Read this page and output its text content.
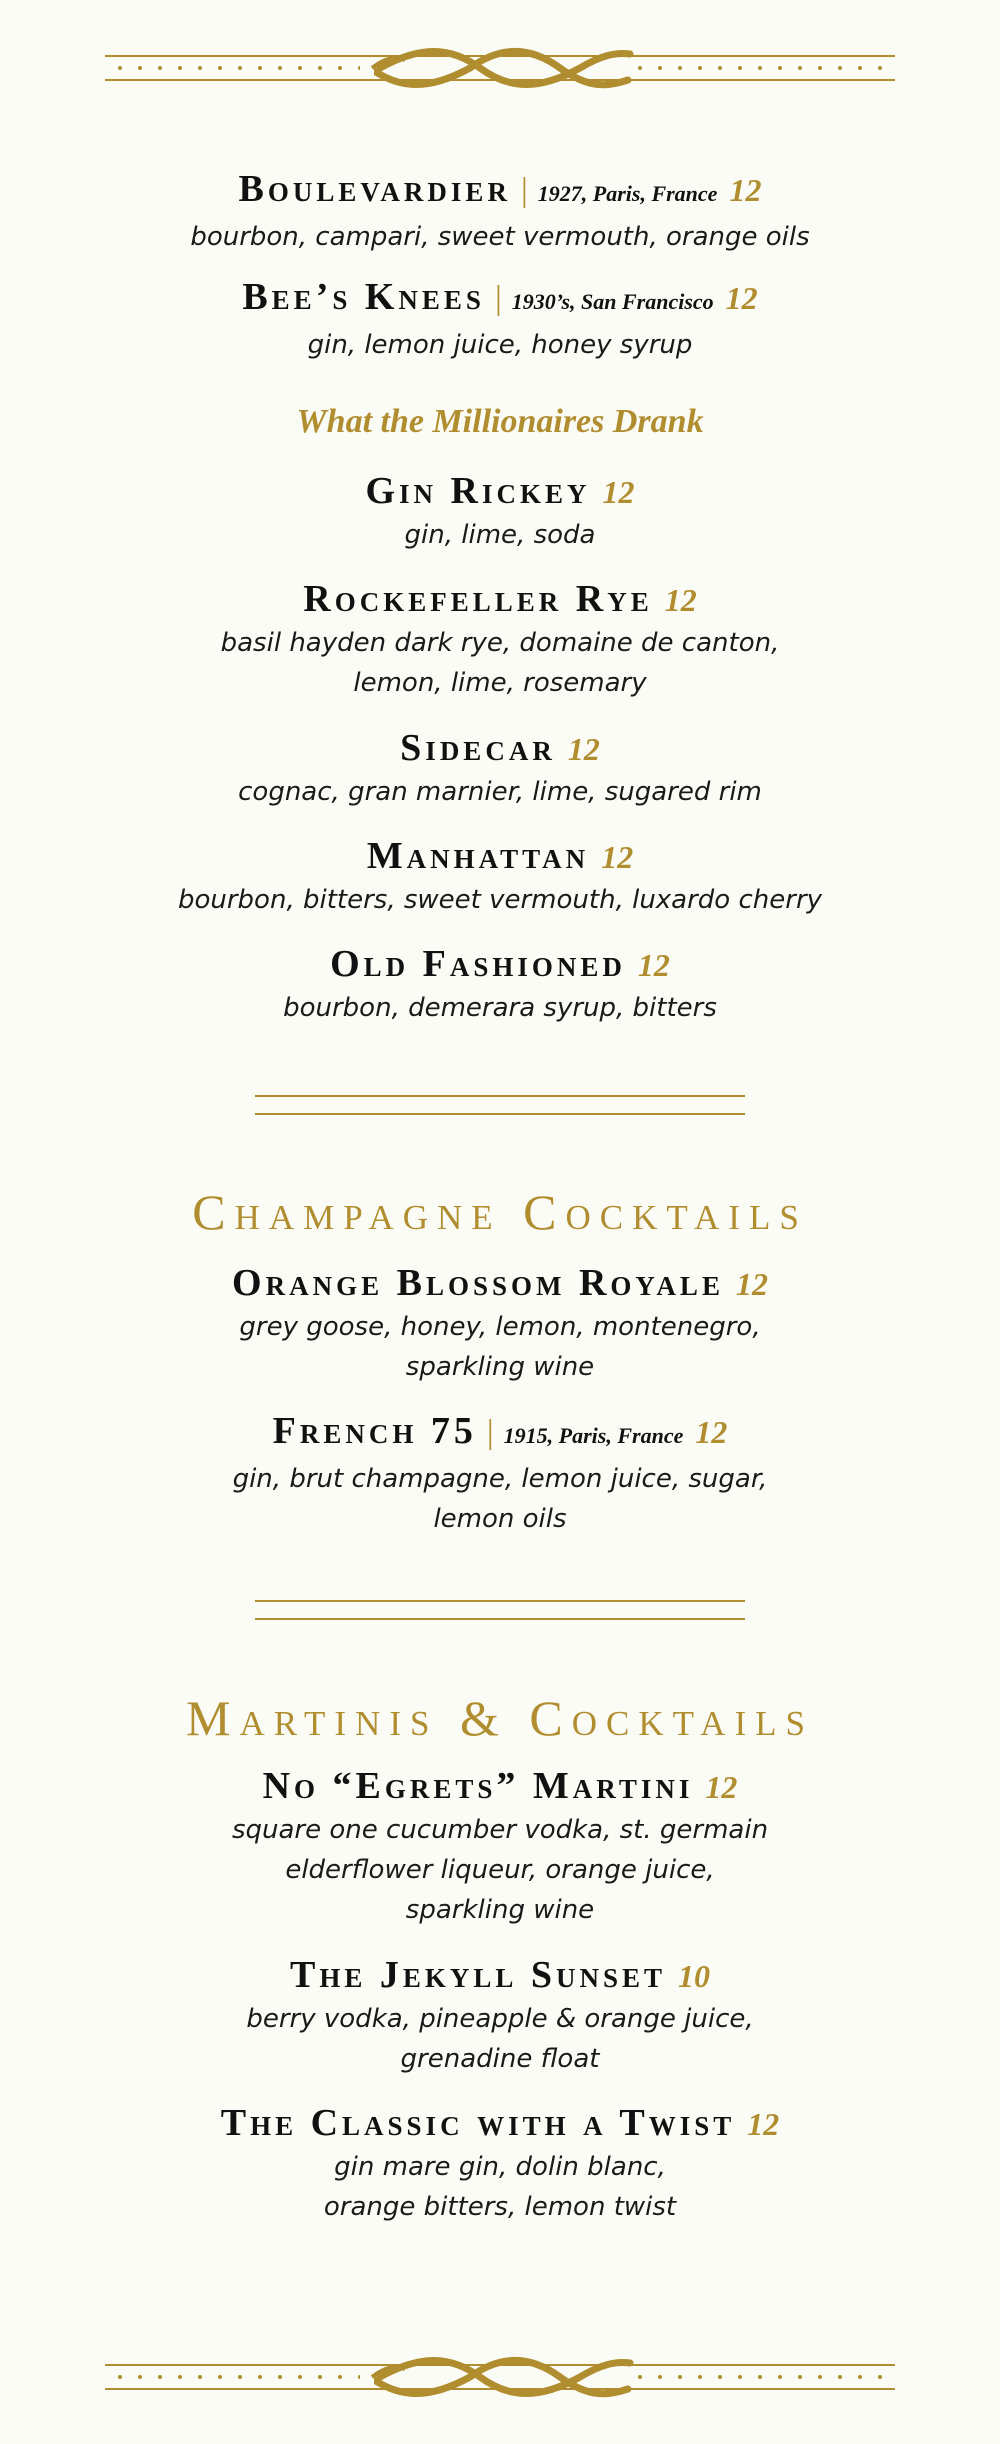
Boulevardier | 1927, Paris, France 12
bourbon, campari, sweet vermouth, orange oils
Bee’s Knees | 1930’s, San Francisco 12
gin, lemon juice, honey syrup
What the Millionaires Drank
Gin Rickey 12
gin, lime, soda
Rockefeller Rye 12
basil hayden dark rye, domaine de canton,
lemon, lime, rosemary
Sidecar 12
cognac, gran marnier, lime, sugared rim
Manhattan 12
bourbon, bitters, sweet vermouth, luxardo cherry
Old Fashioned 12
bourbon, demerara syrup, bitters
Champagne Cocktails
Orange Blossom Royale 12
grey goose, honey, lemon, montenegro,
sparkling wine
French 75 | 1915, Paris, France 12
gin, brut champagne, lemon juice, sugar,
lemon oils
Martinis & Cocktails
No “Egrets” Martini 12
square one cucumber vodka, st. germain
elderflower liqueur, orange juice,
sparkling wine
The Jekyll Sunset 10
berry vodka, pineapple & orange juice,
grenadine float
The Classic with a Twist 12
gin mare gin, dolin blanc,
orange bitters, lemon twist
